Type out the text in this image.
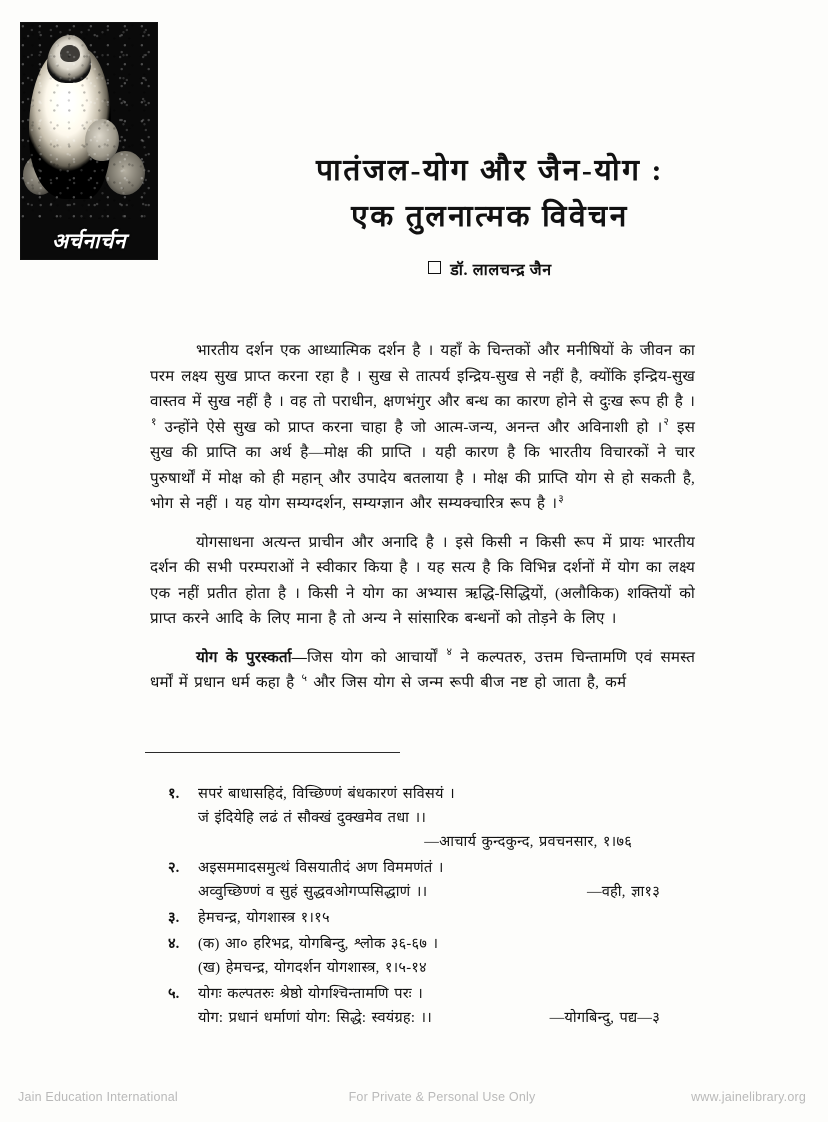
अर्चनार्चन
पातंजल-योग और जैन-योग :
एक तुलनात्मक विवेचन
डॉ. लालचन्द्र जैन

भारतीय दर्शन एक आध्यात्मिक दर्शन है । यहाँ के चिन्तकों और मनीषियों के जीवन का परम लक्ष्य सुख प्राप्त करना रहा है । सुख से तात्पर्य इन्द्रिय-सुख से नहीं है, क्योंकि इन्द्रिय-सुख वास्तव में सुख नहीं है । वह तो पराधीन, क्षणभंगुर और बन्ध का कारण होने से दुःख रूप ही है ।$^१$ उन्होंने ऐसे सुख को प्राप्त करना चाहा है जो आत्म-जन्य, अनन्त और अविनाशी हो ।$^२$ इस सुख की प्राप्ति का अर्थ है—मोक्ष की प्राप्ति । यही कारण है कि भारतीय विचारकों ने चार पुरुषार्थों में मोक्ष को ही महान् और उपादेय बतलाया है । मोक्ष की प्राप्ति योग से हो सकती है, भोग से नहीं । यह योग सम्यग्दर्शन, सम्यग्ज्ञान और सम्यक्चारित्र रूप है ।$^३$

योगसाधना अत्यन्त प्राचीन और अनादि है । इसे किसी न किसी रूप में प्रायः भारतीय दर्शन की सभी परम्पराओं ने स्वीकार किया है । यह सत्य है कि विभिन्न दर्शनों में योग का लक्ष्य एक नहीं प्रतीत होता है । किसी ने योग का अभ्यास ऋद्धि-सिद्धियों, (अलौकिक) शक्तियों को प्राप्त करने आदि के लिए माना है तो अन्य ने सांसारिक बन्धनों को तोड़ने के लिए ।

योग के पुरस्कर्ता—जिस योग को आचार्यों $^४$ ने कल्पतरु, उत्तम चिन्तामणि एवं समस्त धर्मों में प्रधान धर्म कहा है $^५$ और जिस योग से जन्म रूपी बीज नष्ट हो जाता है, कर्म

१.	सपरं बाधासहिदं, विच्छिण्णं बंधकारणं सविसयं ।
जं इंदियेहि लढं तं सौक्खं दुक्खमेव तधा ।।
—आचार्य कुन्दकुन्द, प्रवचनसार, १।७६
२.	अइसममादसमुत्थं विसयातीदं अण विममणंतं ।
अव्वुच्छिण्णं व सुहं सुद्धवओगप्पसिद्धाणं ।।	—वही, ज्ञा१३
३.	हेमचन्द्र, योगशास्त्र १।१५
४.	(क) आ० हरिभद्र, योगबिन्दु, श्लोक ३६-६७ ।
(ख) हेमचन्द्र, योगदर्शन योगशास्त्र, १।५-१४
५.	योगः कल्पतरुः श्रेष्ठो योगश्चिन्तामणि परः ।
योग: प्रधानं धर्माणां योग: सिद्धे: स्वयंग्रह: ।।	—योगबिन्दु, पद्य—३
Jain Education International	For Private & Personal Use Only	www.jainelibrary.org
